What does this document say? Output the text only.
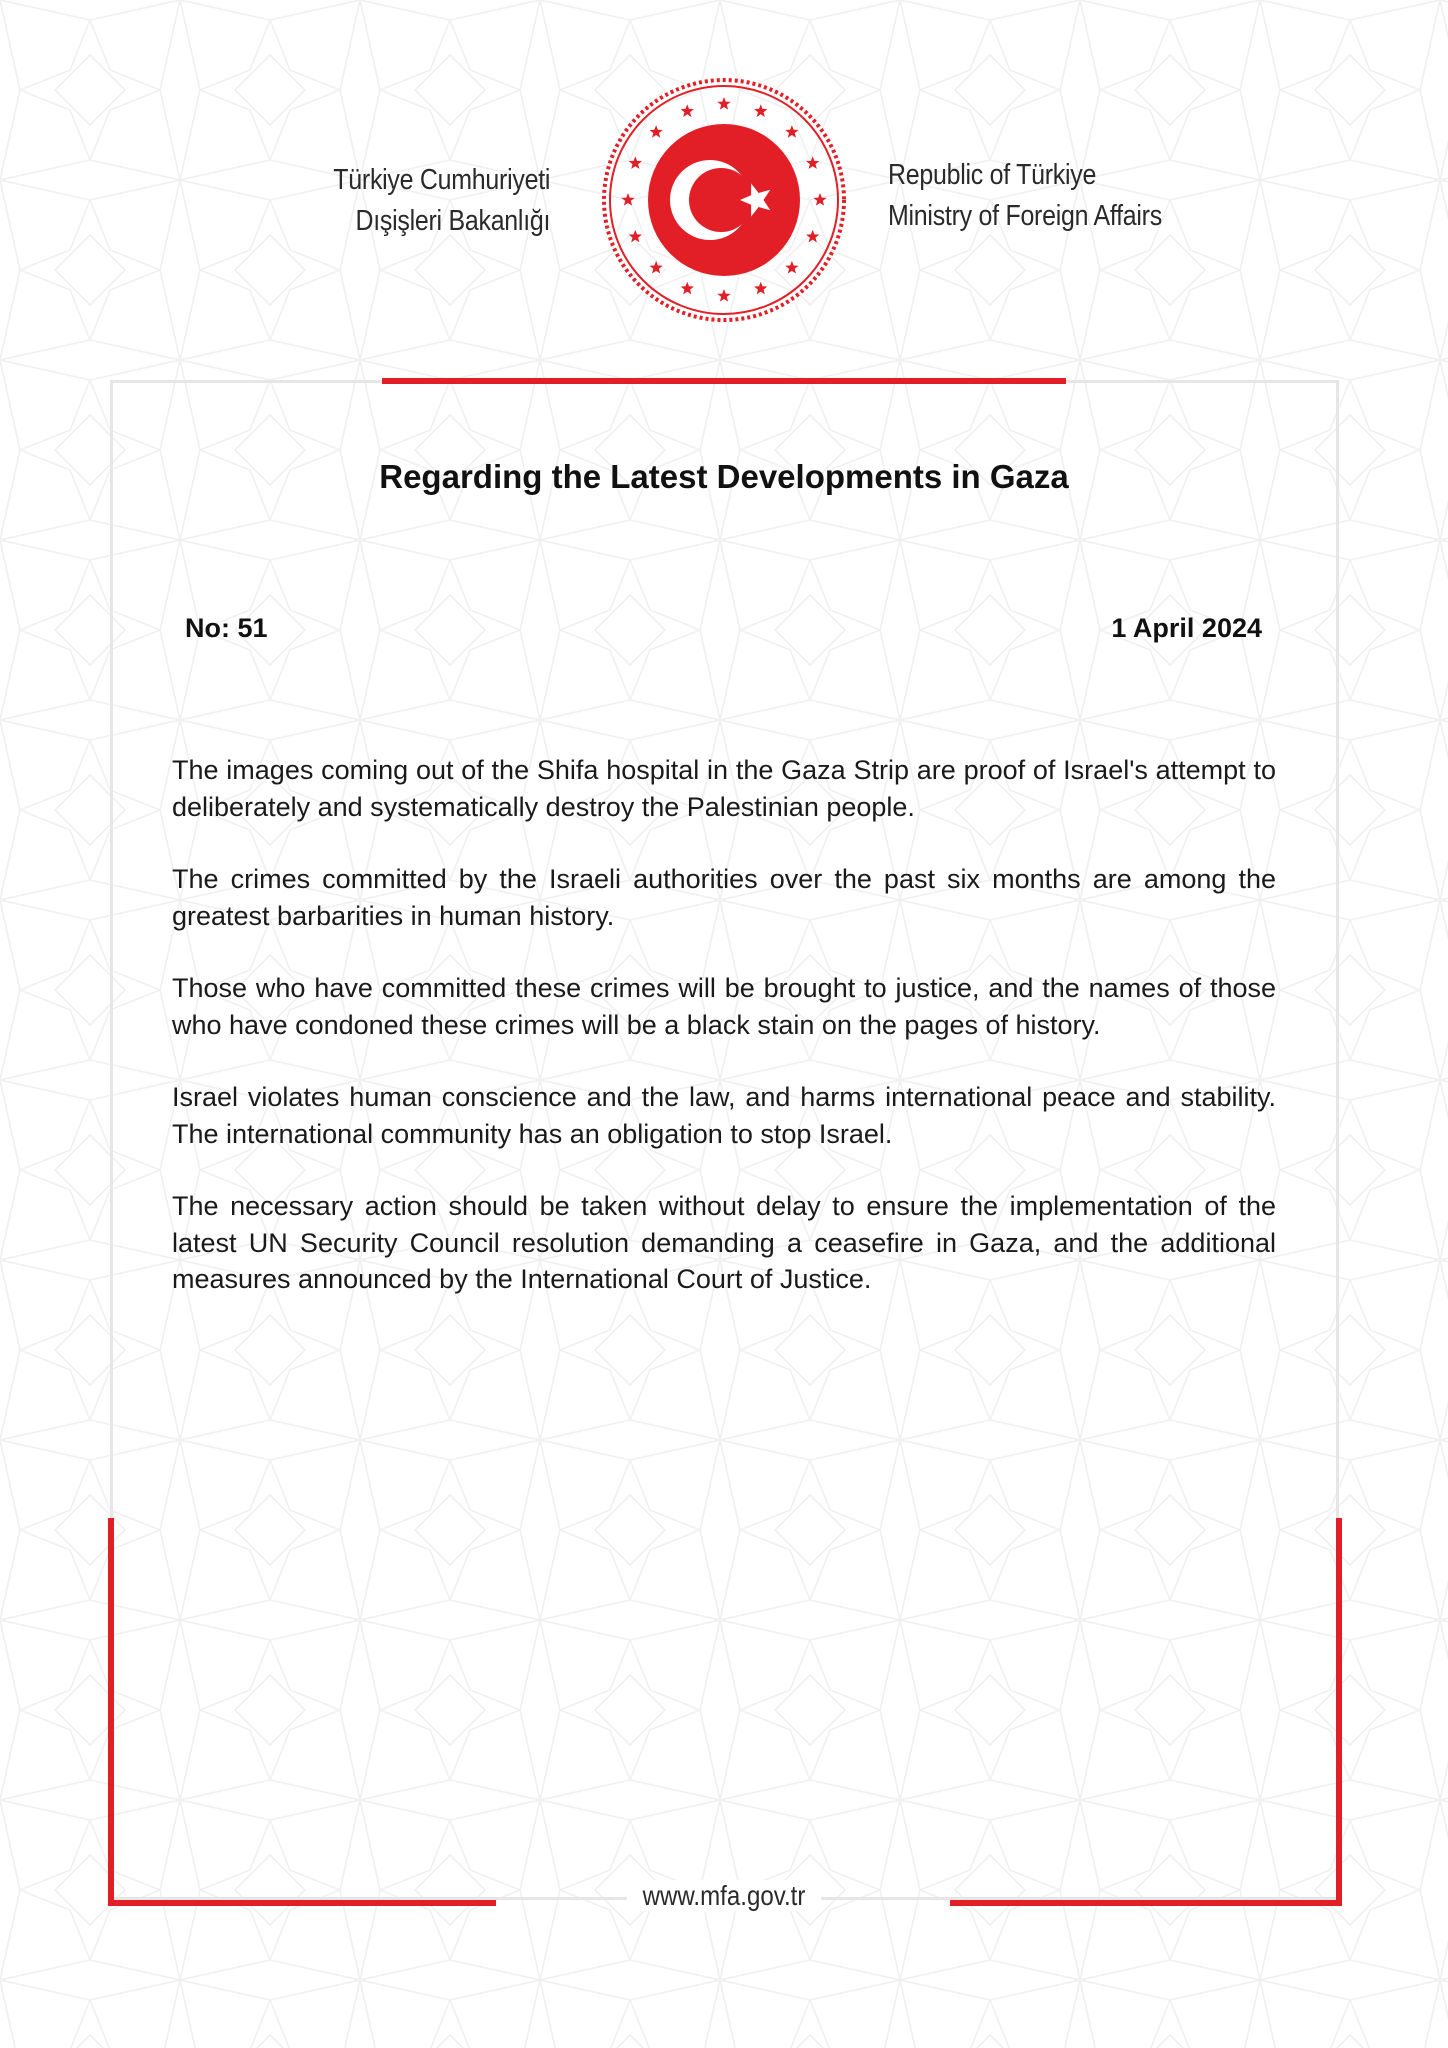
Türkiye Cumhuriyeti
Dışişleri Bakanlığı
Republic of Türkiye
Ministry of Foreign Affairs
Regarding the Latest Developments in Gaza
No: 51	1 April 2024

The images coming out of the Shifa hospital in the Gaza Strip are proof of Israel's attempt to deliberately and systematically destroy the Palestinian people.

The crimes committed by the Israeli authorities over the past six months are among the greatest barbarities in human history.

Those who have committed these crimes will be brought to justice, and the names of those who have condoned these crimes will be a black stain on the pages of history.

Israel violates human conscience and the law, and harms international peace and stability. The international community has an obligation to stop Israel.

The necessary action should be taken without delay to ensure the implementation of the latest UN Security Council resolution demanding a ceasefire in Gaza, and the additional measures announced by the International Court of Justice.

www.mfa.gov.tr
